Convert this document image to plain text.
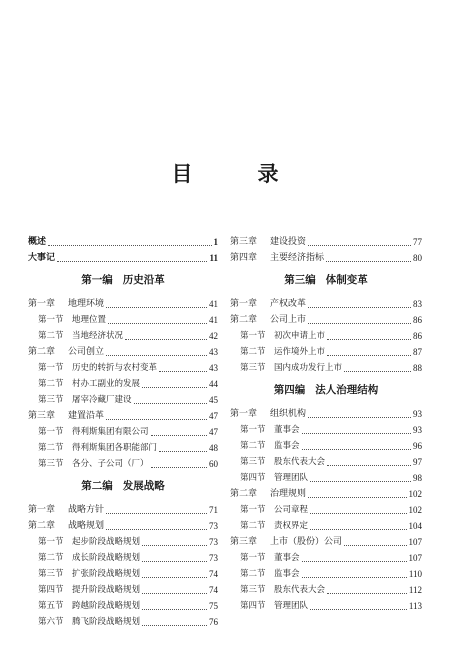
目　录
概述	1
大事记	11
第一编 历史沿革
第一章	地理环境	41
第一节 地理位置	41
第二节 当地经济状况	42
第二章	公司创立	43
第一节 历史的转折与农村变革	43
第二节 村办工副业的发展	44
第三节 屠宰冷藏厂建设	45
第三章	建置沿革	47
第一节 得利斯集团有限公司	47
第二节 得利斯集团各职能部门	48
第三节 各分、子公司（厂）	60
第二编 发展战略
第一章	战略方针	71
第二章	战略规划	73
第一节 起步阶段战略规划	73
第二节 成长阶段战略规划	73
第三节 扩张阶段战略规划	74
第四节 提升阶段战略规划	74
第五节 跨越阶段战略规划	75
第六节 腾飞阶段战略规划	76
第三章	建设投资	77
第四章	主要经济指标	80
第三编 体制变革
第一章	产权改革	83
第二章	公司上市	86
第一节 初次申请上市	86
第二节 运作境外上市	87
第三节 国内成功发行上市	88
第四编 法人治理结构
第一章	组织机构	93
第一节 董事会	93
第二节 监事会	96
第三节 股东代表大会	97
第四节 管理团队	98
第二章	治理规则	102
第一节 公司章程	102
第二节 责权界定	104
第三章	上市（股份）公司	107
第一节 董事会	107
第二节 监事会	110
第三节 股东代表大会	112
第四节 管理团队	113
